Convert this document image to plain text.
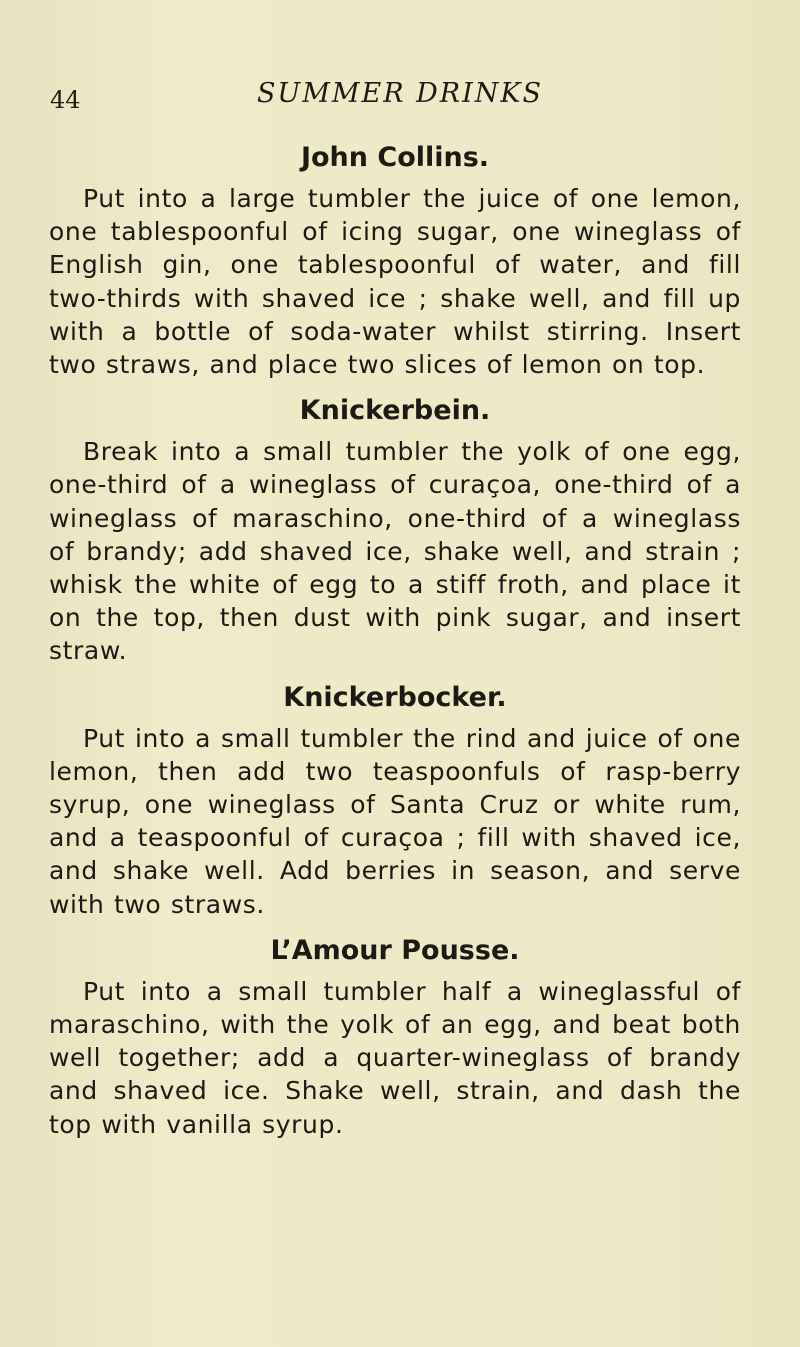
44	SUMMER DRINKS
John Collins.

Put into a large tumbler the juice of one lemon, one tablespoonful of icing sugar, one wineglass of English gin, one tablespoonful of water, and fill two-thirds with shaved ice ; shake well, and fill up with a bottle of soda-water whilst stirring. Insert two straws, and place two slices of lemon on top.

Knickerbein.

Break into a small tumbler the yolk of one egg, one-third of a wineglass of curaçoa, one-third of a wineglass of maraschino, one-third of a wineglass of brandy; add shaved ice, shake well, and strain ; whisk the white of egg to a stiff froth, and place it on the top, then dust with pink sugar, and insert straw.

Knickerbocker.

Put into a small tumbler the rind and juice of one lemon, then add two teaspoonfuls of rasp-berry syrup, one wineglass of Santa Cruz or white rum, and a teaspoonful of curaçoa ; fill with shaved ice, and shake well. Add berries in season, and serve with two straws.

L’Amour Pousse.

Put into a small tumbler half a wineglassful of maraschino, with the yolk of an egg, and beat both well together; add a quarter-wineglass of brandy and shaved ice. Shake well, strain, and dash the top with vanilla syrup.
